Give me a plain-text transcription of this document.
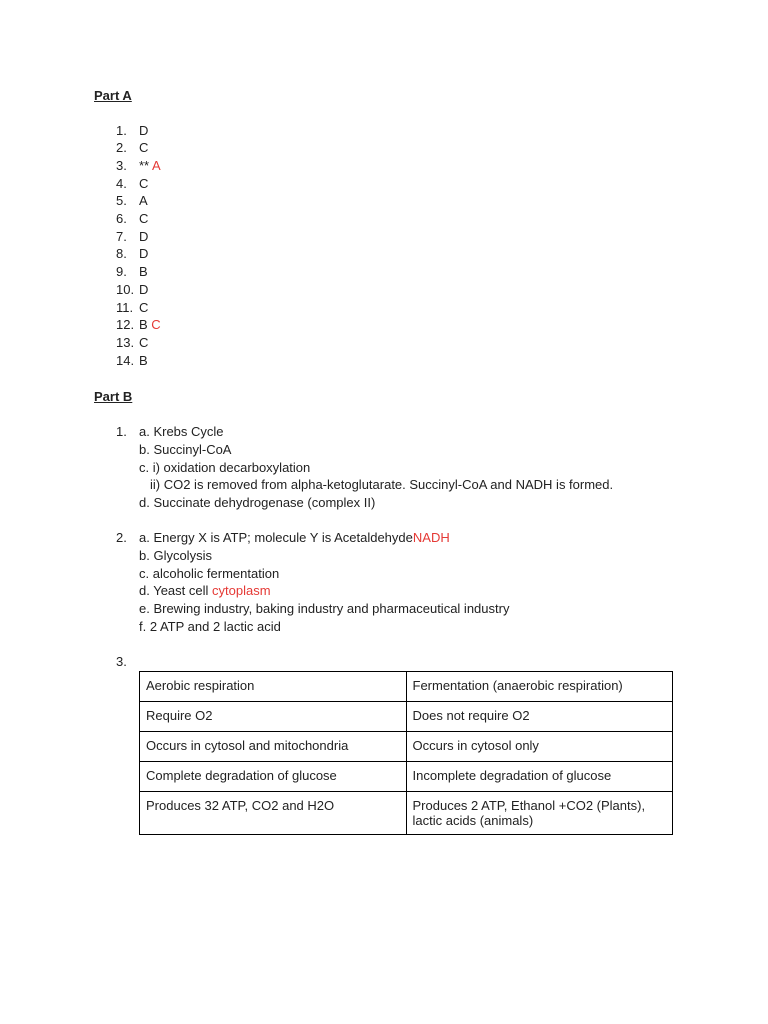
Part A
1. D
2. C
3. ** A
4. C
5. A
6. C
7. D
8. D
9. B
10. D
11. C
12. B C
13. C
14. B
Part B
1. a. Krebs Cycle
b. Succinyl-CoA
c. i) oxidation decarboxylation
ii) CO2 is removed from alpha-ketoglutarate. Succinyl-CoA and NADH is formed.
d. Succinate dehydrogenase (complex II)
2. a. Energy X is ATP; molecule Y is AcetaldehydeNADH
b. Glycolysis
c. alcoholic fermentation
d. Yeast cell cytoplasm
e. Brewing industry, baking industry and pharmaceutical industry
f. 2 ATP and 2 lactic acid
3.
Aerobic respiration	Fermentation (anaerobic respiration)
Require O2	Does not require O2
Occurs in cytosol and mitochondria	Occurs in cytosol only
Complete degradation of glucose	Incomplete degradation of glucose
Produces 32 ATP, CO2 and H2O	Produces 2 ATP, Ethanol +CO2 (Plants), lactic acids (animals)
